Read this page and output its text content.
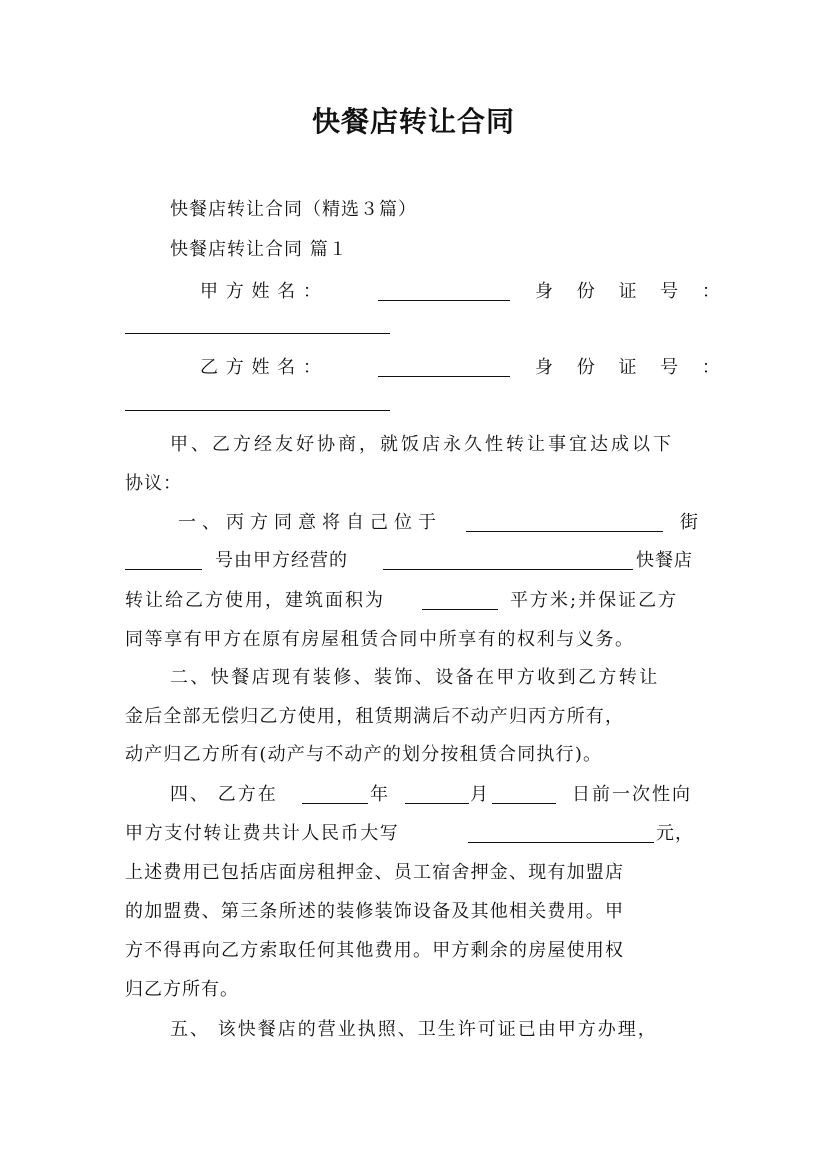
快餐店转让合同
快餐店转让合同（精选３篇）
快餐店转让合同 篇１
甲 方 姓 名 ：	身 份 证 号 ：
乙 方 姓 名 ：	身 份 证 号 ：
甲、乙方经友好协商，就饭店永久性转让事宜达成以下
协议：
一、丙方同意将自己位于	街
号由甲方经营的	快餐店
转让给乙方使用，建筑面积为	平方米;并保证乙方
同等享有甲方在原有房屋租赁合同中所享有的权利与义务。
二、快餐店现有装修、装饰、设备在甲方收到乙方转让
金后全部无偿归乙方使用，租赁期满后不动产归丙方所有，
动产归乙方所有(动产与不动产的划分按租赁合同执行)。
四、 乙方在	年	月	日前一次性向
甲方支付转让费共计人民币大写	元，
上述费用已包括店面房租押金、员工宿舍押金、现有加盟店
的加盟费、第三条所述的装修装饰设备及其他相关费用。甲
方不得再向乙方索取任何其他费用。甲方剩余的房屋使用权
归乙方所有。
五、 该快餐店的营业执照、卫生许可证已由甲方办理，
